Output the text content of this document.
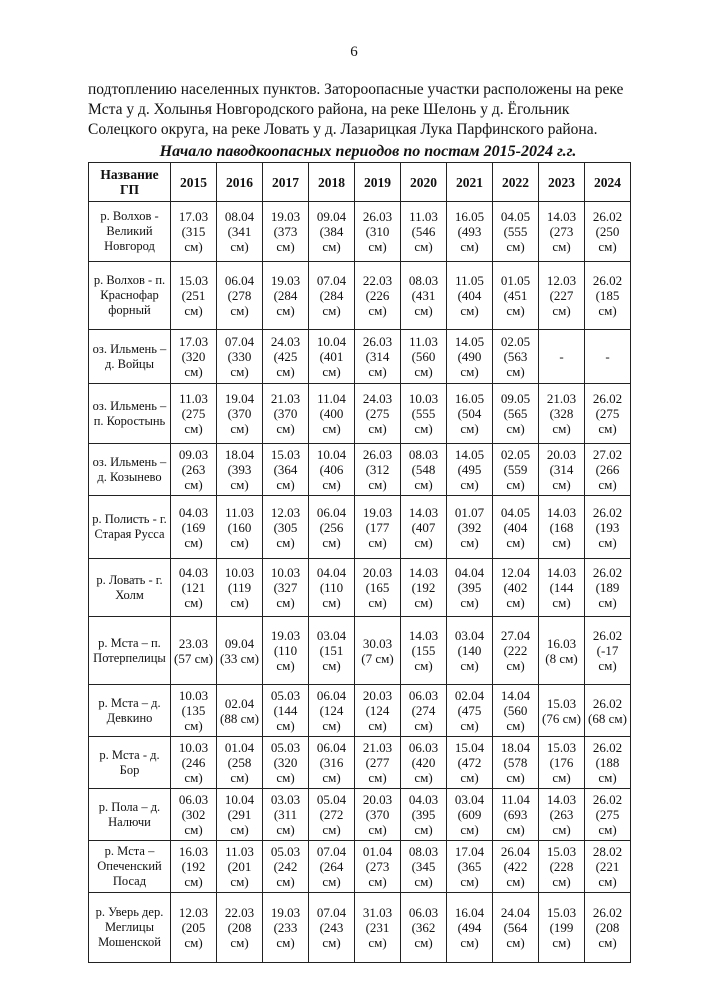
6

подтоплению населенных пунктов. Заторoопасные участки расположены на реке

Мста у д. Холынья Новгородского района, на реке Шелонь у д. Ёгольник

Солецкого округа, на реке Ловать у д. Лазарицкая Лука Парфинского района.

Начало паводкоопасных периодов по постам 2015-2024 г.г.
Название ГП	2015	2016	2017	2018	2019	2020	2021	2022	2023	2024
р. Волхов - Великий Новгород	17.03 (315 см)	08.04 (341 см)	19.03 (373 см)	09.04 (384 см)	26.03 (310 см)	11.03 (546 см)	16.05 (493 см)	04.05 (555 см)	14.03 (273 см)	26.02 (250 см)
р. Волхов - п. Краснофар форный	15.03 (251 см)	06.04 (278 см)	19.03 (284 см)	07.04 (284 см)	22.03 (226 см)	08.03 (431 см)	11.05 (404 см)	01.05 (451 см)	12.03 (227 см)	26.02 (185 см)
оз. Ильмень – д. Войцы	17.03 (320 см)	07.04 (330 см)	24.03 (425 см)	10.04 (401 см)	26.03 (314 см)	11.03 (560 см)	14.05 (490 см)	02.05 (563 см)	-	-
оз. Ильмень – п. Коростынь	11.03 (275 см)	19.04 (370 см)	21.03 (370 см)	11.04 (400 см)	24.03 (275 см)	10.03 (555 см)	16.05 (504 см)	09.05 (565 см)	21.03 (328 см)	26.02 (275 см)
оз. Ильмень – д. Козынево	09.03 (263 см)	18.04 (393 см)	15.03 (364 см)	10.04 (406 см)	26.03 (312 см)	08.03 (548 см)	14.05 (495 см)	02.05 (559 см)	20.03 (314 см)	27.02 (266 см)
р. Полисть - г. Старая Русса	04.03 (169 см)	11.03 (160 см)	12.03 (305 см)	06.04 (256 см)	19.03 (177 см)	14.03 (407 см)	01.07 (392 см)	04.05 (404 см)	14.03 (168 см)	26.02 (193 см)
р. Ловать - г. Холм	04.03 (121 см)	10.03 (119 см)	10.03 (327 см)	04.04 (110 см)	20.03 (165 см)	14.03 (192 см)	04.04 (395 см)	12.04 (402 см)	14.03 (144 см)	26.02 (189 см)
р. Мста – п. Потерпелицы	23.03 (57 см)	09.04 (33 см)	19.03 (110 см)	03.04 (151 см)	30.03 (7 см)	14.03 (155 см)	03.04 (140 см)	27.04 (222 см)	16.03 (8 см)	26.02 (-17 см)
р. Мста – д. Девкино	10.03 (135 см)	02.04 (88 см)	05.03 (144 см)	06.04 (124 см)	20.03 (124 см)	06.03 (274 см)	02.04 (475 см)	14.04 (560 см)	15.03 (76 см)	26.02 (68 см)
р. Мста - д. Бор	10.03 (246 см)	01.04 (258 см)	05.03 (320 см)	06.04 (316 см)	21.03 (277 см)	06.03 (420 см)	15.04 (472 см)	18.04 (578 см)	15.03 (176 см)	26.02 (188 см)
р. Пола – д. Налючи	06.03 (302 см)	10.04 (291 см)	03.03 (311 см)	05.04 (272 см)	20.03 (370 см)	04.03 (395 см)	03.04 (609 см)	11.04 (693 см)	14.03 (263 см)	26.02 (275 см)
р. Мста – Опеченский Посад	16.03 (192 см)	11.03 (201 см)	05.03 (242 см)	07.04 (264 см)	01.04 (273 см)	08.03 (345 см)	17.04 (365 см)	26.04 (422 см)	15.03 (228 см)	28.02 (221 см)
р. Уверь дер. Меглицы Мошенской	12.03 (205 см)	22.03 (208 см)	19.03 (233 см)	07.04 (243 см)	31.03 (231 см)	06.03 (362 см)	16.04 (494 см)	24.04 (564 см)	15.03 (199 см)	26.02 (208 см)
